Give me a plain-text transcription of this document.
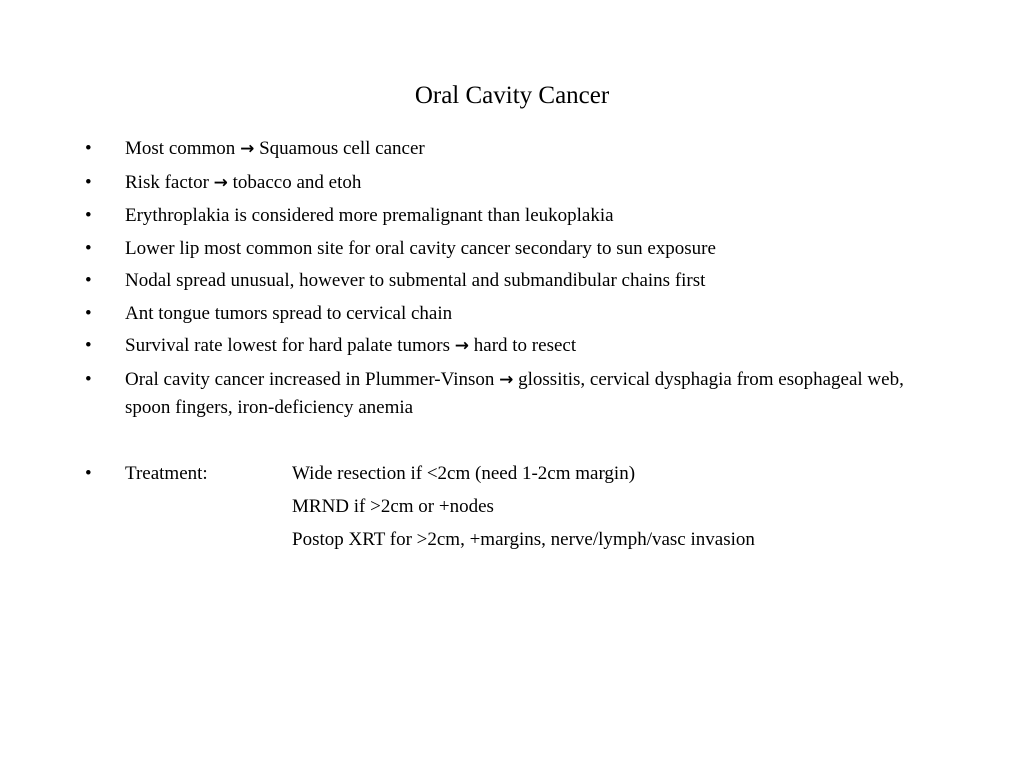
Oral Cavity Cancer
• Most common → Squamous cell cancer
• Risk factor → tobacco and etoh
• Erythroplakia is considered more premalignant than leukoplakia
• Lower lip most common site for oral cavity cancer secondary to sun exposure
• Nodal spread unusual, however to submental and submandibular chains first
• Ant tongue tumors spread to cervical chain
• Survival rate lowest for hard palate tumors → hard to resect
• Oral cavity cancer increased in Plummer-Vinson → glossitis, cervical dysphagia from esophageal web, spoon fingers, iron-deficiency anemia
• Treatment:	Wide resection if <2cm (need 1-2cm margin)
MRND if >2cm or +nodes
Postop XRT for >2cm, +margins, nerve/lymph/vasc invasion
